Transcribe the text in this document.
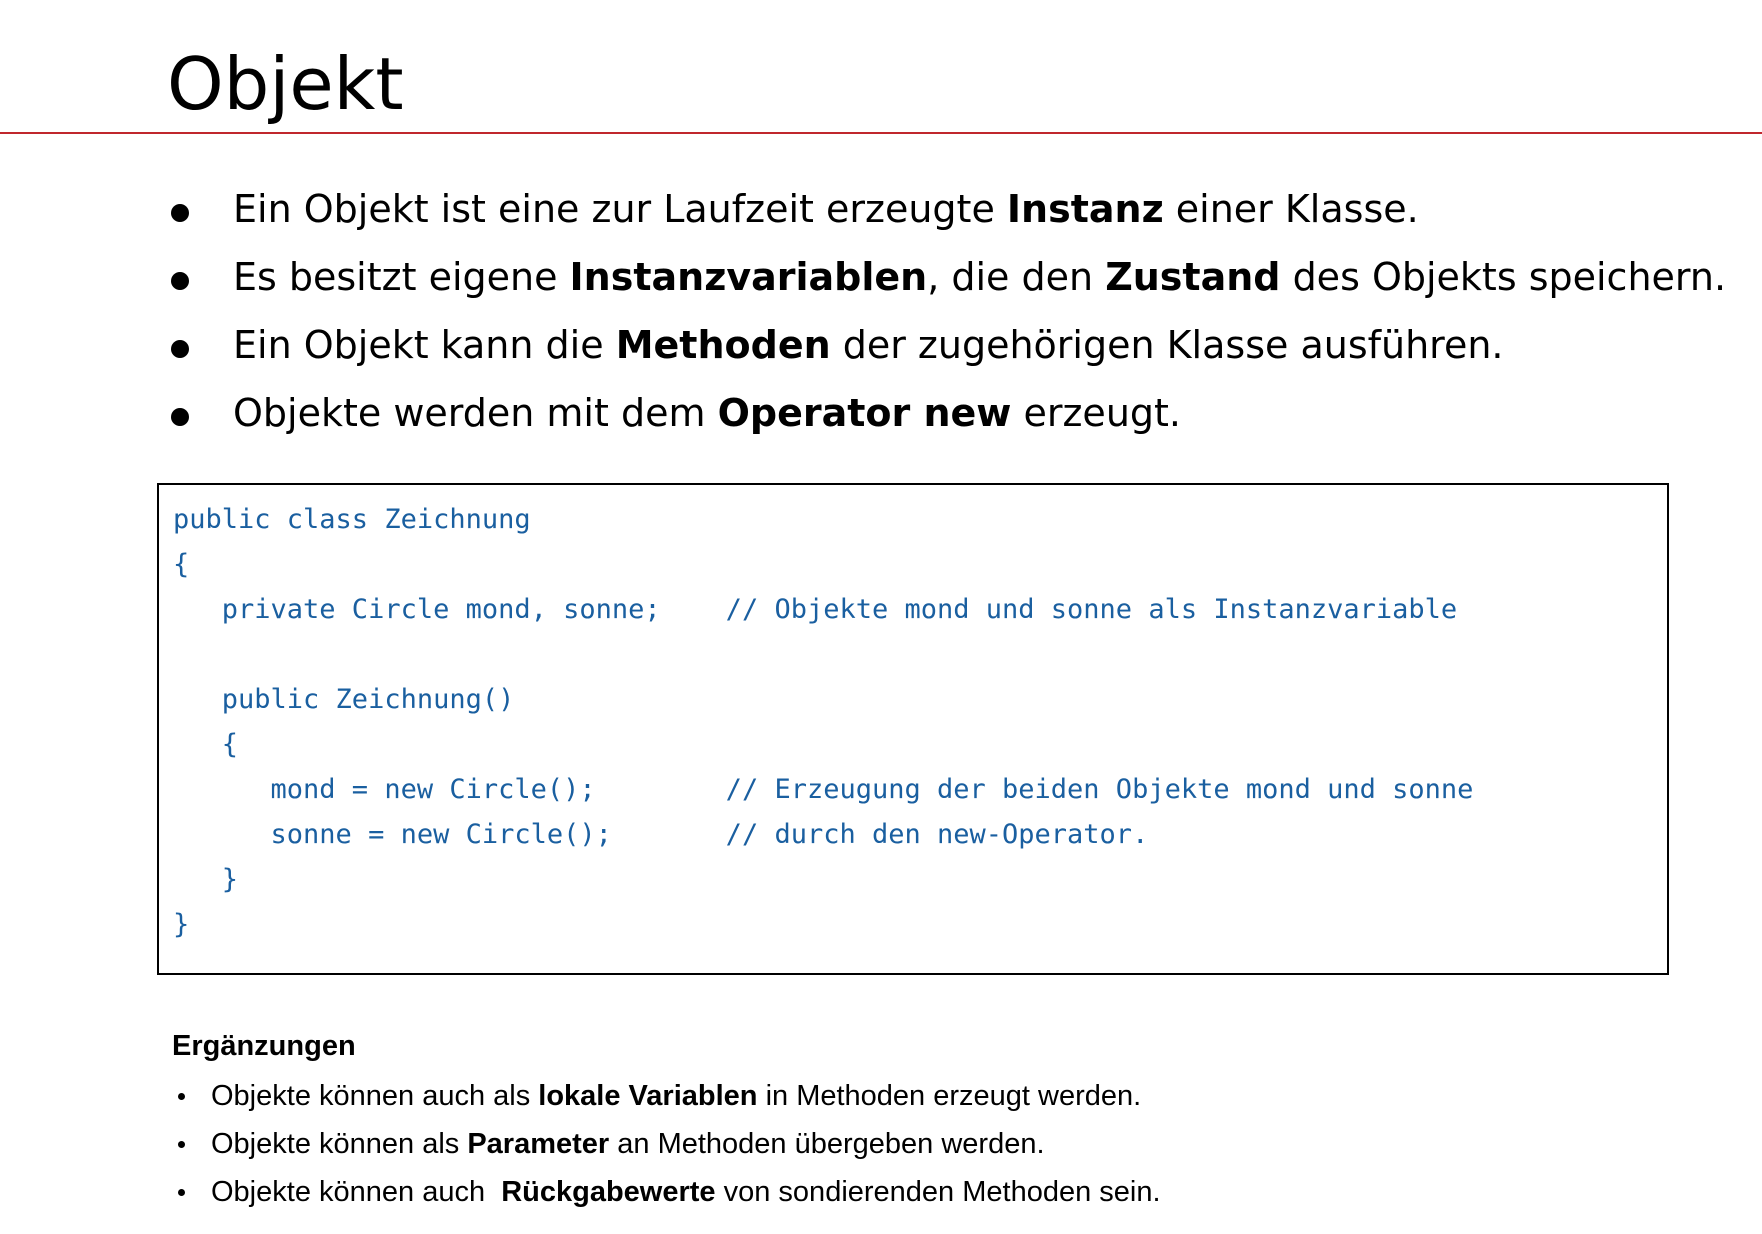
Objekt
Ein Objekt ist eine zur Laufzeit erzeugte Instanz einer Klasse.
Es besitzt eigene Instanzvariablen, die den Zustand des Objekts speichern.
Ein Objekt kann die Methoden der zugehörigen Klasse ausführen.
Objekte werden mit dem Operator new erzeugt.
public class Zeichnung
{
private Circle mond, sonne;    // Objekte mond und sonne als Instanzvariable
public Zeichnung()
{
mond = new Circle();        // Erzeugung der beiden Objekte mond und sonne
sonne = new Circle();       // durch den new-Operator.
}
}
Ergänzungen

Objekte können auch als lokale Variablen in Methoden erzeugt werden.

Objekte können als Parameter an Methoden übergeben werden.

Objekte können auch  Rückgabewerte von sondierenden Methoden sein.
